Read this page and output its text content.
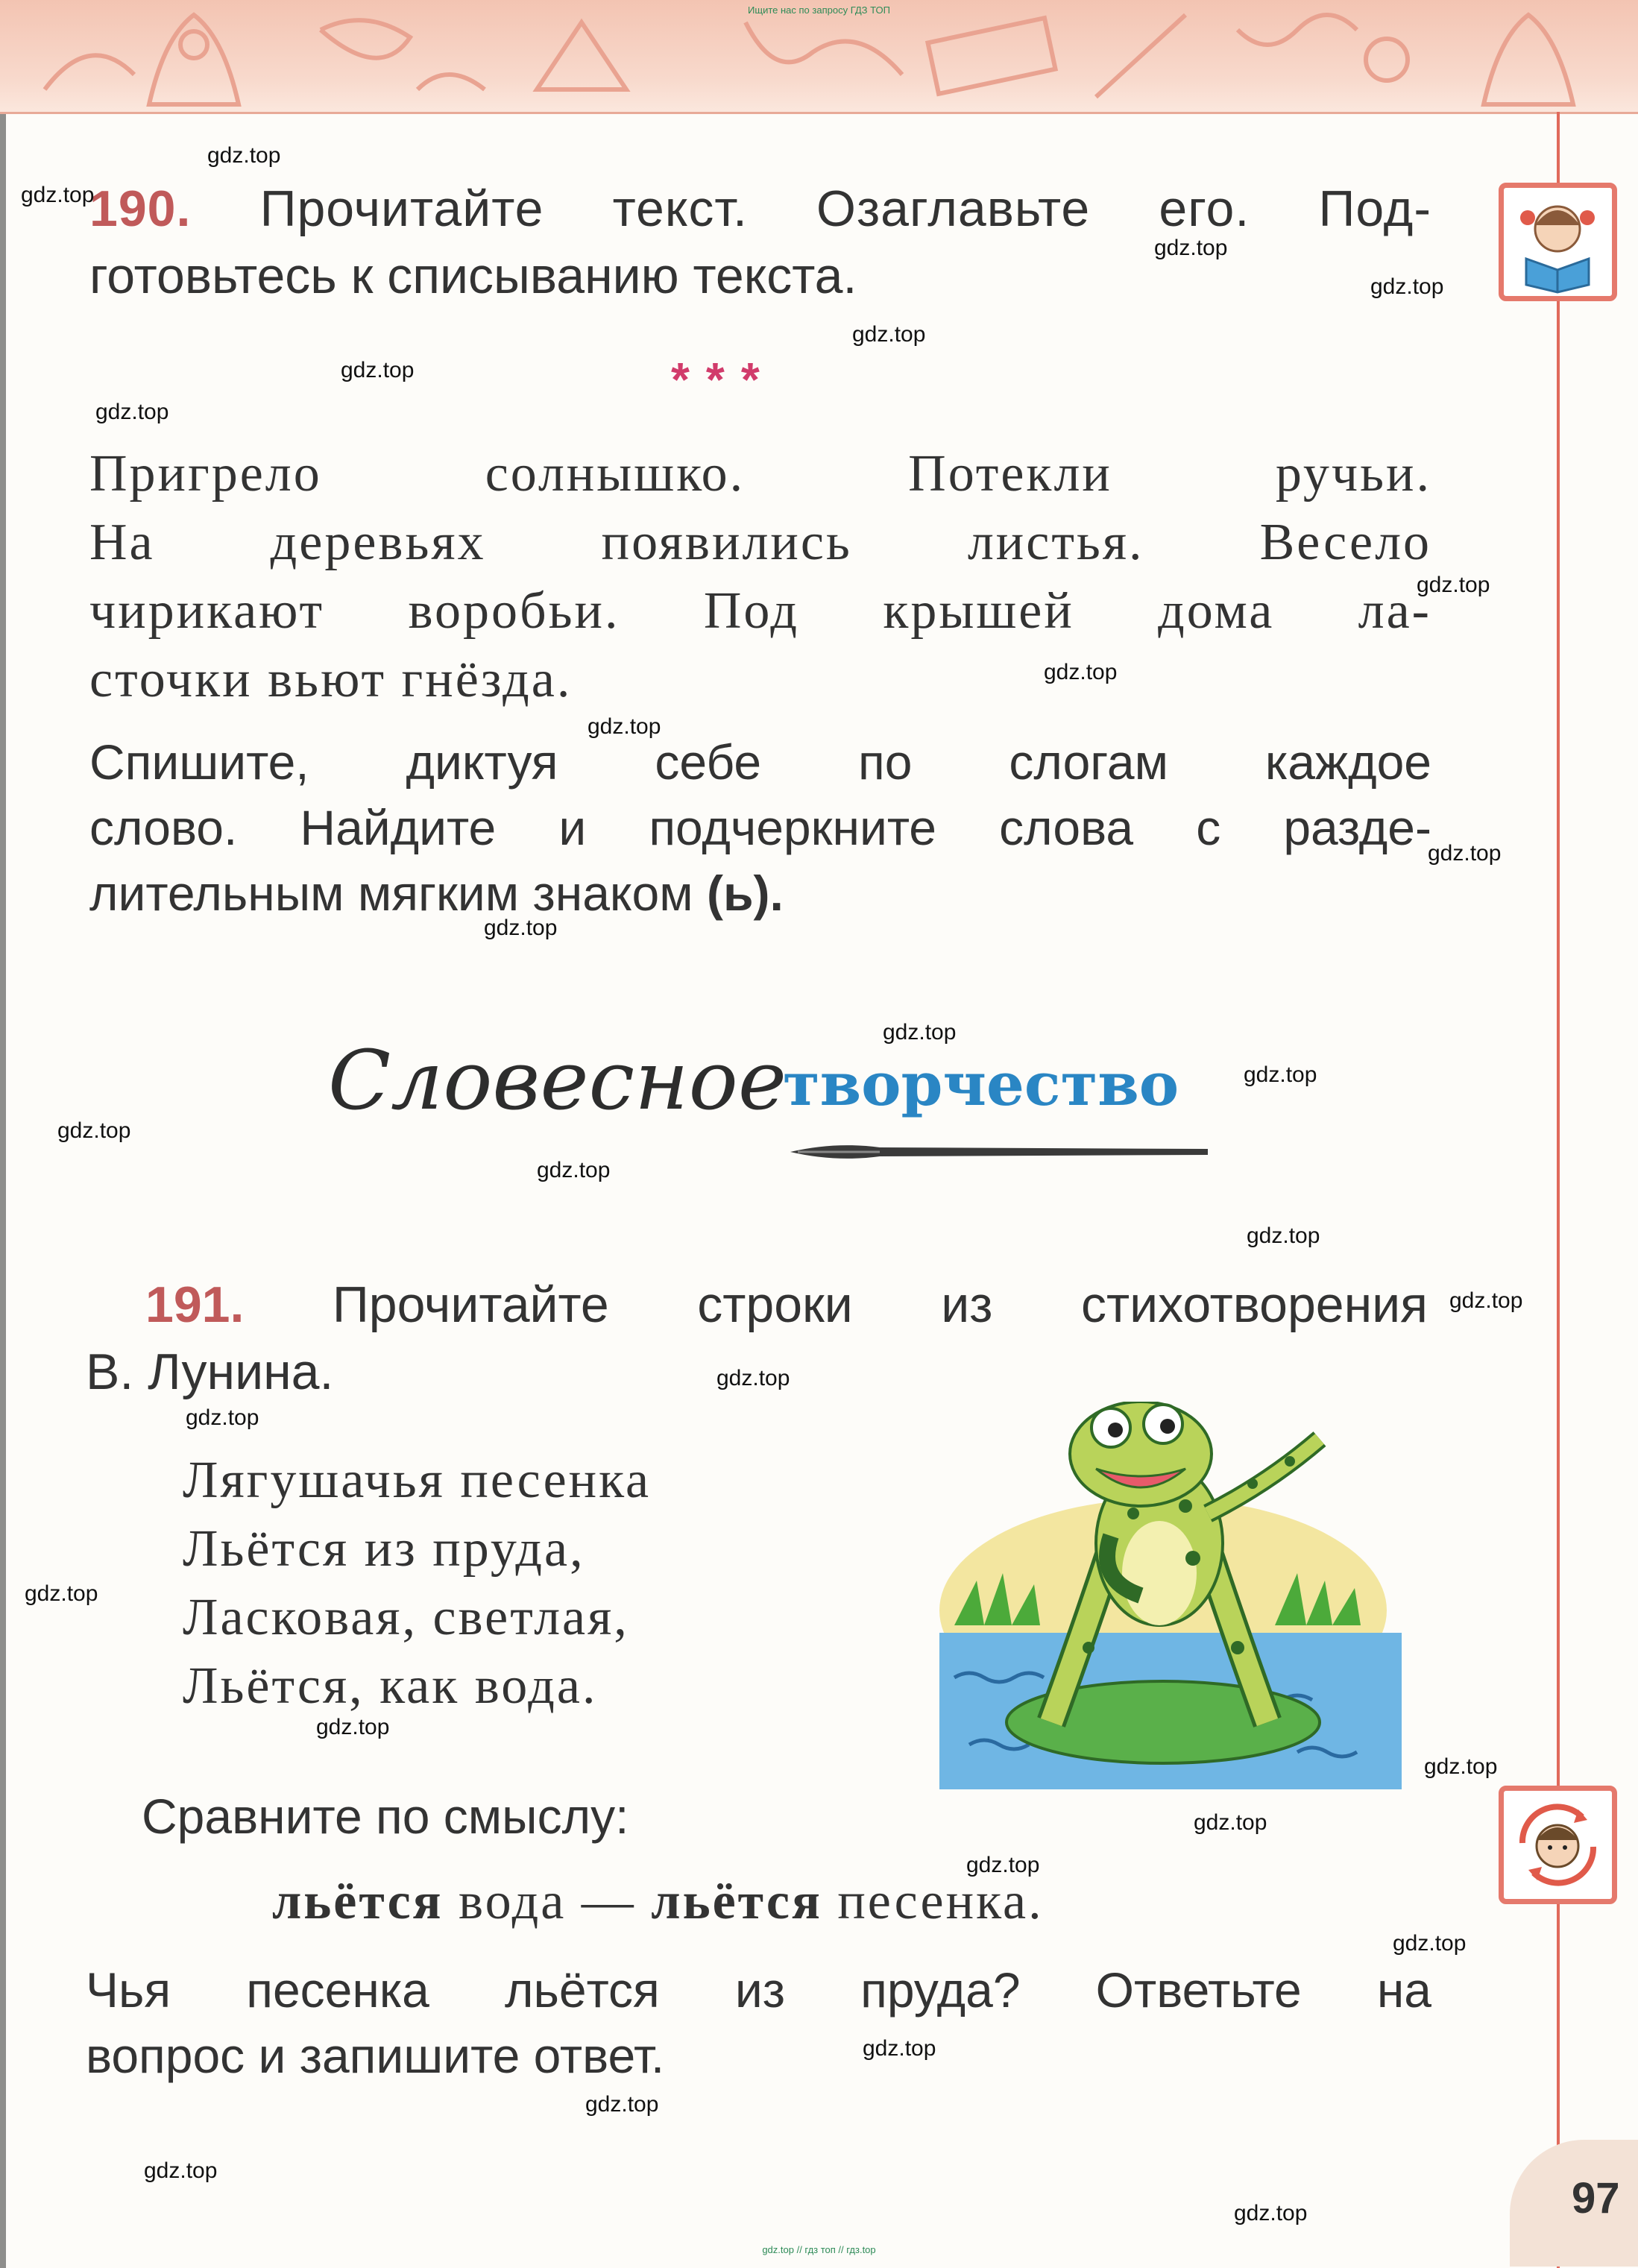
Ищите нас по запросу ГДЗ ТОП
190. Прочитайте текст. Озаглавьте его. Под-
готовьтесь к списыванию текста.
***
Пригрело солнышко. Потекли ручьи.
На деревьях появились листья. Весело
чирикают воробьи. Под крышей дома ла-
сточки вьют гнёзда.
Спишите, диктуя себе по слогам каждое
слово. Найдите и подчеркните слова с разде-
лительным мягким знаком (ь).
Словесное
творчество
191. Прочитайте строки из стихотворения
В. Лунина.
Лягушачья песенка
Льётся из пруда,
Ласковая, светлая,
Льётся, как вода.
Сравните по смыслу:
льётся вода — льётся песенка.
Чья песенка льётся из пруда? Ответьте на
вопрос и запишите ответ.
97
gdz.top // гдз топ // гдз.top
gdz.top
gdz.top
gdz.top
gdz.top
gdz.top
gdz.top
gdz.top
gdz.top
gdz.top
gdz.top
gdz.top
gdz.top
gdz.top
gdz.top
gdz.top
gdz.top
gdz.top
gdz.top
gdz.top
gdz.top
gdz.top
gdz.top
gdz.top
gdz.top
gdz.top
gdz.top
gdz.top
gdz.top
gdz.top
gdz.top
